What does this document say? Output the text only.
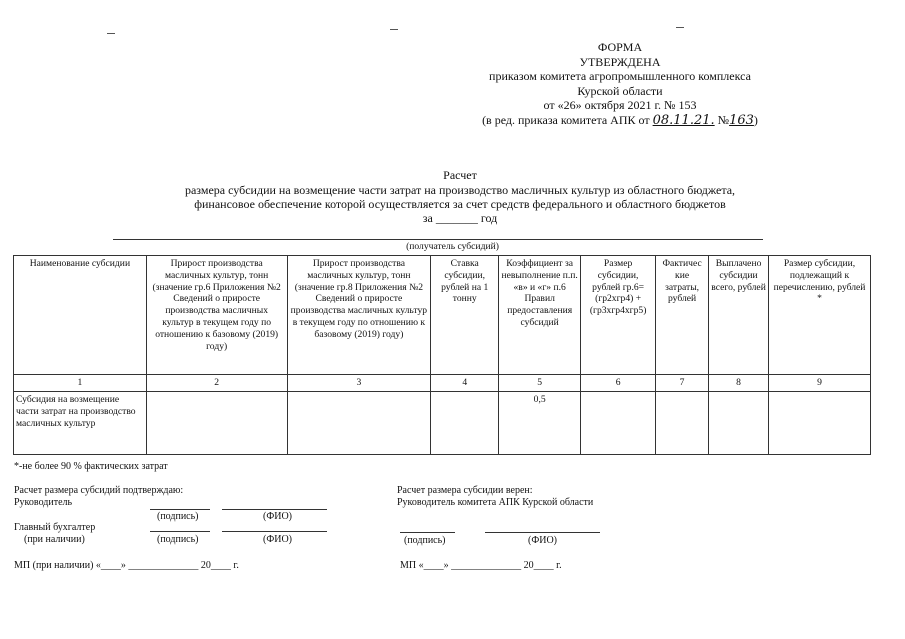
ФОРМА
УТВЕРЖДЕНА
приказом комитета агропромышленного комплекса
Курской области
от «26» октября 2021 г. № 153
(в ред. приказа комитета АПК от 08.11.21. №163)
Расчет
размера субсидии на возмещение части затрат на производство масличных культур из областного бюджета,
финансовое обеспечение которой осуществляется за счет средств федерального и областного бюджетов
за _______ год
(получатель субсидий)
Наименование субсидии	Прирост производства масличных культур, тонн (значение гр.6 Приложения №2 Сведений о приросте производства масличных культур в текущем году по отношению к базовому (2019) году)	Прирост производства масличных культур, тонн (значение гр.8 Приложения №2 Сведений о приросте производства масличных культур в текущем году по отношению к базовому (2019) году)	Ставка субсидии, рублей на 1 тонну	Коэффициент за невыполнение п.п. «в» и «г» п.6 Правил предоставления субсидий	Размер субсидии, рублей гр.6=(гр2хгр4) + (гр3хгр4хгр5)	Фактичес кие затраты, рублей	Выплачено субсидии всего, рублей	Размер субсидии, подлежащий к перечислению, рублей *
1	2	3	4	5	6	7	8	9
Субсидия на возмещение части затрат на производство масличных культур				0,5				
*-не более 90 % фактических затрат
Расчет размера субсидий подтверждаю:
Руководитель
(подпись)	(ФИО)
Главный бухгалтер
(при наличии)	(подпись)	(ФИО)
МП (при наличии) «____» ______________ 20____ г.
Расчет размера субсидии верен:
Руководитель комитета АПК Курской области
(подпись)	(ФИО)
МП «____» ______________ 20____ г.
